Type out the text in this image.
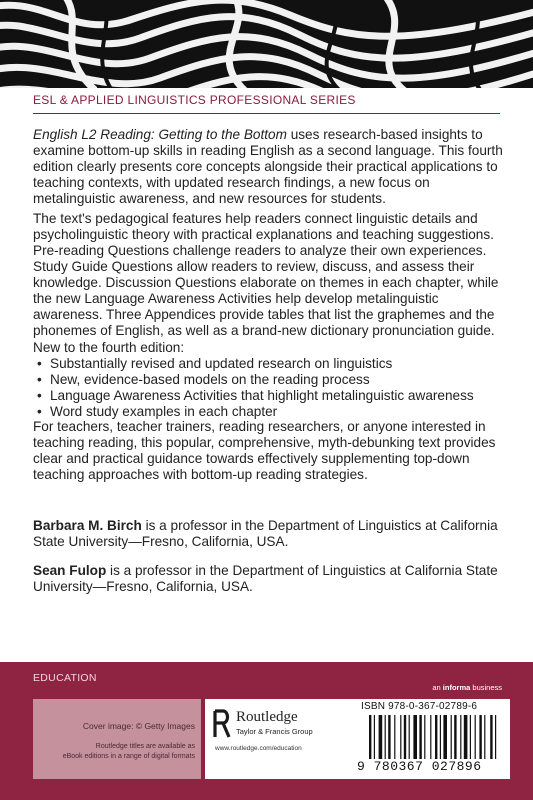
ESL & APPLIED LINGUISTICS PROFESSIONAL SERIES

English L2 Reading: Getting to the Bottom uses research-based insights to examine bottom-up skills in reading English as a second language. This fourth edition clearly presents core concepts alongside their practical applications to teaching contexts, with updated research findings, a new focus on metalinguistic awareness, and new resources for students.

The text's pedagogical features help readers connect linguistic details and psycholinguistic theory with practical explanations and teaching suggestions. Pre-reading Questions challenge readers to analyze their own experiences. Study Guide Questions allow readers to review, discuss, and assess their knowledge. Discussion Questions elaborate on themes in each chapter, while the new Language Awareness Activities help develop metalinguistic awareness. Three Appendices provide tables that list the graphemes and the phonemes of English, as well as a brand-new dictionary pronunciation guide.

New to the fourth edition:
• Substantially revised and updated research on linguistics
• New, evidence-based models on the reading process
• Language Awareness Activities that highlight metalinguistic awareness
• Word study examples in each chapter

For teachers, teacher trainers, reading researchers, or anyone interested in teaching reading, this popular, comprehensive, myth-debunking text provides clear and practical guidance towards effectively supplementing top-down teaching approaches with bottom-up reading strategies.

Barbara M. Birch is a professor in the Department of Linguistics at California State University—Fresno, California, USA.

Sean Fulop is a professor in the Department of Linguistics at California State University—Fresno, California, USA.

EDUCATION
an informa business
Cover image: © Getty Images
Routledge titles are available as
eBook editions in a range of digital formats
Routledge
Taylor & Francis Group
www.routledge.com/education
ISBN 978-0-367-02789-6
9 780367 027896
